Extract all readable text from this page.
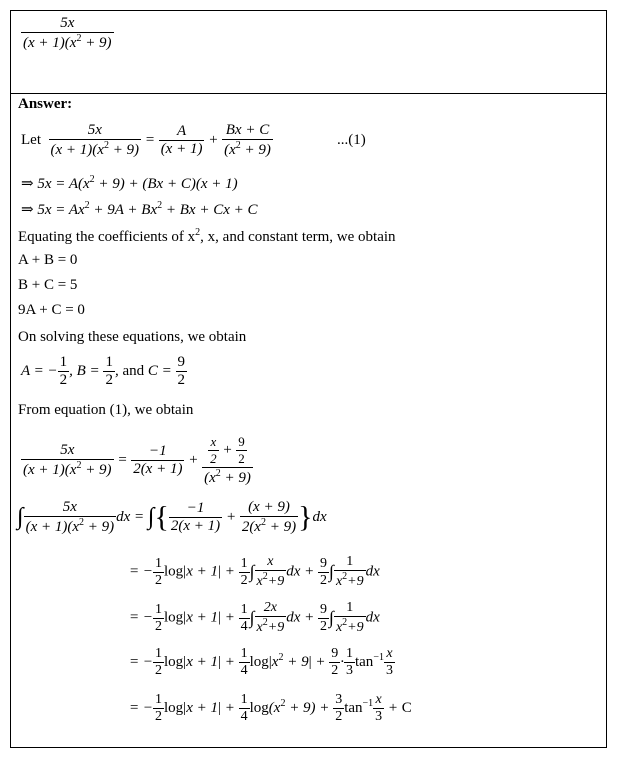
$\frac{5x}{(x + 1)(x^2 + 9)}$
Answer:
Let $\frac{5x}{(x + 1)(x^2 + 9)} = \frac{A}{(x + 1)} + \frac{Bx + C}{(x^2 + 9)}$	...(1)
⇒ $5x = A(x^2 + 9) + (Bx + C)(x + 1)$
⇒ $5x = Ax^2 + 9A + Bx^2 + Bx + Cx + C$
Equating the coefficients of $x^2$, x, and constant term, we obtain
A + B = 0
B + C = 5
9A + C = 0
On solving these equations, we obtain
A = − $\frac{1}{2}$ , $B = \frac{1}{2}$ , and $C = \frac{9}{2}$
From equation (1), we obtain
$\frac{5x}{(x + 1)(x^2 + 9)} = \frac{-1}{2(x + 1)} + \frac{\frac{x}{2} + \frac{9}{2}}{(x^2 + 9)}$
∫ $\frac{5x}{(x + 1)(x^2 + 9)}$ dx = ∫{ $\frac{-1}{2(x + 1)} + \frac{(x + 9)}{2(x^2 + 9)} \}dx$
= − $\frac{1}{2} \log|x + 1| + \frac{1}{2}$ ∫ $\frac{x}{x^2+9}$ dx + $\frac{9}{2}$ ∫ $\frac{1}{x^2+9}$ dx
= − $\frac{1}{2} \log|x + 1| + \frac{1}{4}$ ∫ $\frac{2x}{x^2+9}$ dx + $\frac{9}{2}$ ∫ $\frac{1}{x^2+9}$ dx
= − $\frac{1}{2} \log|x + 1| + \frac{1}{4} \log|x^2 + 9| + \frac{9}{2} \cdot \frac{1}{3} \tan^{-1} \frac{x}{3}$
= − $\frac{1}{2} \log|x + 1| + \frac{1}{4} \log(x^2 + 9) + \frac{3}{2} \tan^{-1} \frac{x}{3} + C$
